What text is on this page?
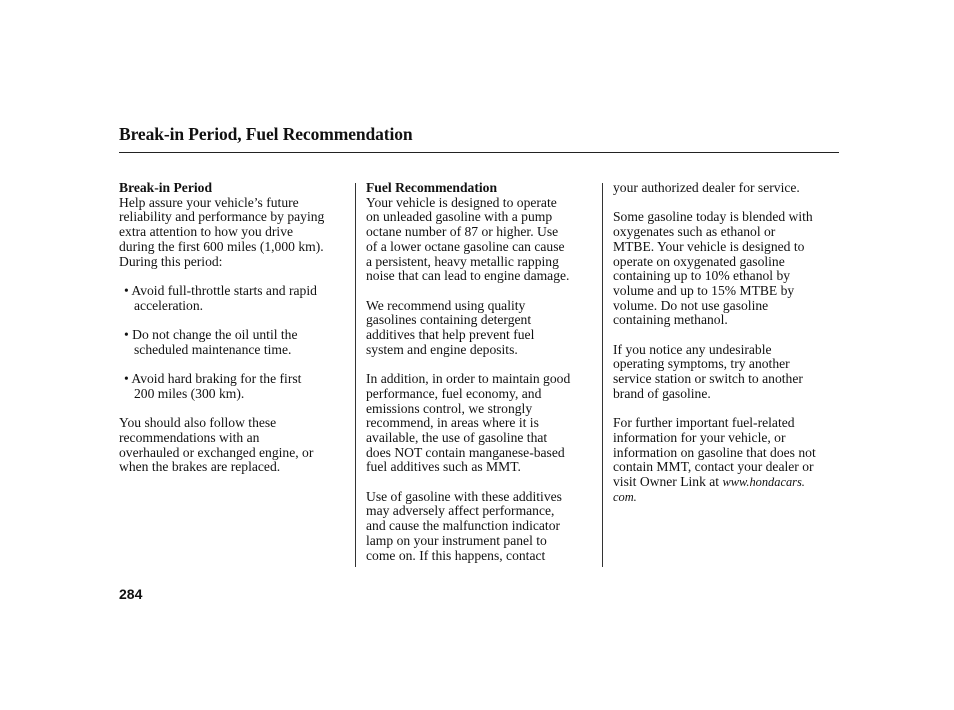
Break-in Period, Fuel Recommendation
Break-in Period
Help assure your vehicle’s future
reliability and performance by paying
extra attention to how you drive
during the first 600 miles (1,000 km).
During this period:
• Avoid full-throttle starts and rapid
acceleration.
• Do not change the oil until the
scheduled maintenance time.
• Avoid hard braking for the first
200 miles (300 km).
You should also follow these
recommendations with an
overhauled or exchanged engine, or
when the brakes are replaced.
Fuel Recommendation
Your vehicle is designed to operate
on unleaded gasoline with a pump
octane number of 87 or higher. Use
of a lower octane gasoline can cause
a persistent, heavy metallic rapping
noise that can lead to engine damage.
We recommend using quality
gasolines containing detergent
additives that help prevent fuel
system and engine deposits.
In addition, in order to maintain good
performance, fuel economy, and
emissions control, we strongly
recommend, in areas where it is
available, the use of gasoline that
does NOT contain manganese-based
fuel additives such as MMT.
Use of gasoline with these additives
may adversely affect performance,
and cause the malfunction indicator
lamp on your instrument panel to
come on. If this happens, contact
your authorized dealer for service.
Some gasoline today is blended with
oxygenates such as ethanol or
MTBE. Your vehicle is designed to
operate on oxygenated gasoline
containing up to 10% ethanol by
volume and up to 15% MTBE by
volume. Do not use gasoline
containing methanol.
If you notice any undesirable
operating symptoms, try another
service station or switch to another
brand of gasoline.
For further important fuel-related
information for your vehicle, or
information on gasoline that does not
contain MMT, contact your dealer or
visit Owner Link at www.hondacars.
com.
284
